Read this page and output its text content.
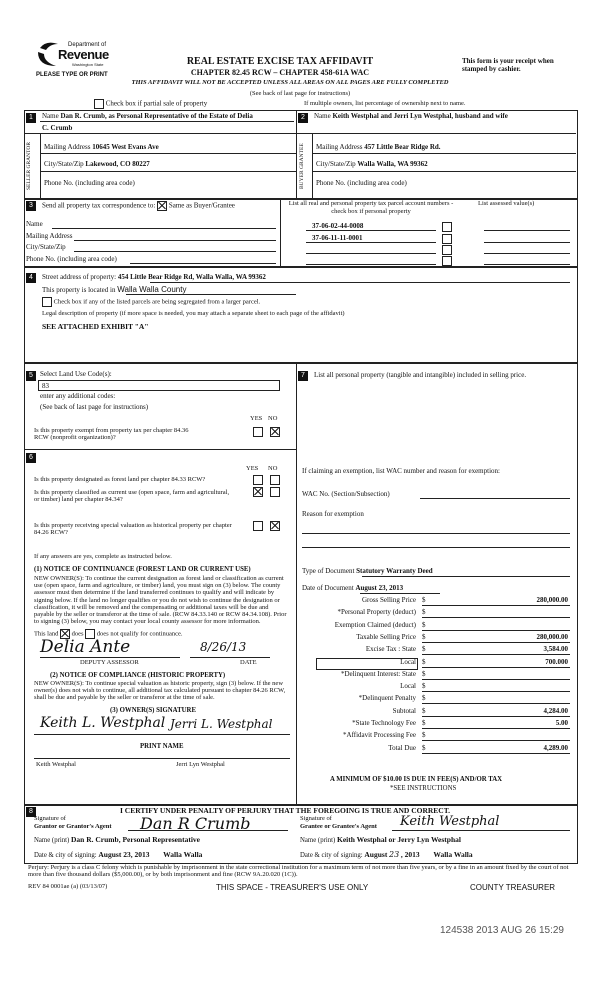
Department of
Revenue
Washington State
PLEASE TYPE OR PRINT
REAL ESTATE EXCISE TAX AFFIDAVIT
CHAPTER 82.45 RCW – CHAPTER 458-61A WAC
THIS AFFIDAVIT WILL NOT BE ACCEPTED UNLESS ALL AREAS ON ALL PAGES ARE FULLY COMPLETED
(See back of last page for instructions)
This form is your receipt when stamped by cashier.
Check box if partial sale of property	If multiple owners, list percentage of ownership next to name.
1	Name Dan R. Crumb, as Personal Representative of the Estate of Delia
C. Crumb
SELLER GRANTOR	Mailing Address 10645 West Evans Ave
City/State/Zip Lakewood, CO 80227
Phone No. (including area code)
2	Name Keith Westphal and Jerri Lyn Westphal, husband and wife
BUYER GRANTEE	Mailing Address 457 Little Bear Ridge Rd.
City/State/Zip Walla Walla, WA 99362
Phone No. (including area code)
3	Send all property tax correspondence to: Same as Buyer/Grantee
Name
Mailing Address
City/State/Zip
Phone No. (including area code)
List all real and personal property tax parcel account numbers - check box if personal property
List assessed value(s)
37-06-02-44-0008
37-06-11-11-0001
4	Street address of property: 454 Little Bear Ridge Rd, Walla Walla, WA 99362
This property is located in Walla Walla County
Check box if any of the listed parcels are being segregated from a larger parcel.
Legal description of property (if more space is needed, you may attach a separate sheet to each page of the affidavit)
SEE ATTACHED EXHIBIT "A"
5	Select Land Use Code(s):
83
enter any additional codes:
(See back of last page for instructions)
YES NO
Is this property exempt from property tax per chapter 84.36 RCW (nonprofit organization)?
6
YES NO
Is this property designated as forest land per chapter 84.33 RCW?
Is this property classified as current use (open space, farm and agricultural, or timber) land per chapter 84.34?
Is this property receiving special valuation as historical property per chapter 84.26 RCW?
If any answers are yes, complete as instructed below.
(1) NOTICE OF CONTINUANCE (FOREST LAND OR CURRENT USE)
NEW OWNER(S): To continue the current designation as forest land or classification as current use (open space, farm and agriculture, or timber) land, you must sign on (3) below. The county assessor must then determine if the land transferred continues to qualify and will indicate by signing below. If the land no longer qualifies or you do not wish to continue the designation or classification, it will be removed and the compensating or additional taxes will be due and payable by the seller or transferor at the time of sale. (RCW 84.33.140 or RCW 84.34.108). Prior to signing (3) below, you may contact your local county assessor for more information.
This land does does not qualify for continuance.
Delia Ante	8/26/13
DEPUTY ASSESSOR	DATE
(2) NOTICE OF COMPLIANCE (HISTORIC PROPERTY)
NEW OWNER(S): To continue special valuation as historic property, sign (3) below. If the new owner(s) does not wish to continue, all additional tax calculated pursuant to chapter 84.26 RCW, shall be due and payable by the seller or transferor at the time of sale.
(3) OWNER(S) SIGNATURE
Keith L. Westphal Jerri L. Westphal
PRINT NAME
Keith Westphal	Jerri Lyn Westphal
7	List all personal property (tangible and intangible) included in selling price.
If claiming an exemption, list WAC number and reason for exemption:
WAC No. (Section/Subsection)
Reason for exemption
Type of Document Statutory Warranty Deed
Date of Document August 23, 2013
Gross Selling Price $	280,000.00
*Personal Property (deduct) $
Exemption Claimed (deduct) $
Taxable Selling Price $	280,000.00
Excise Tax : State $	3,584.00
Local $	700.000
*Delinquent Interest: State $
Local $
*Delinquent Penalty $
Subtotal $	4,284.00
*State Technology Fee $	5.00
*Affidavit Processing Fee $
Total Due $	4,289.00
A MINIMUM OF $10.00 IS DUE IN FEE(S) AND/OR TAX
*SEE INSTRUCTIONS
8	I CERTIFY UNDER PENALTY OF PERJURY THAT THE FOREGOING IS TRUE AND CORRECT.
Signature of
Grantor or Grantor's Agent Dan R Crumb	Signature of
Grantee or Grantee's Agent Keith Westphal
Name (print) Dan R. Crumb, Personal Representative	Name (print) Keith Westphal or Jerry Lyn Westphal
Date & city of signing: August 23, 2013 Walla Walla	Date & city of signing: August 23 , 2013 Walla Walla
Perjury: Perjury is a class C felony which is punishable by imprisonment in the state correctional institution for a maximum term of not more than five years, or by a fine in an amount fixed by the court of not more than five thousand dollars ($5,000.00), or by both imprisonment and fine (RCW 9A.20.020 (1C)).
REV 84 0001ae (a) (03/13/07)	THIS SPACE - TREASURER'S USE ONLY	COUNTY TREASURER
124538 2013 AUG 26 15:29
